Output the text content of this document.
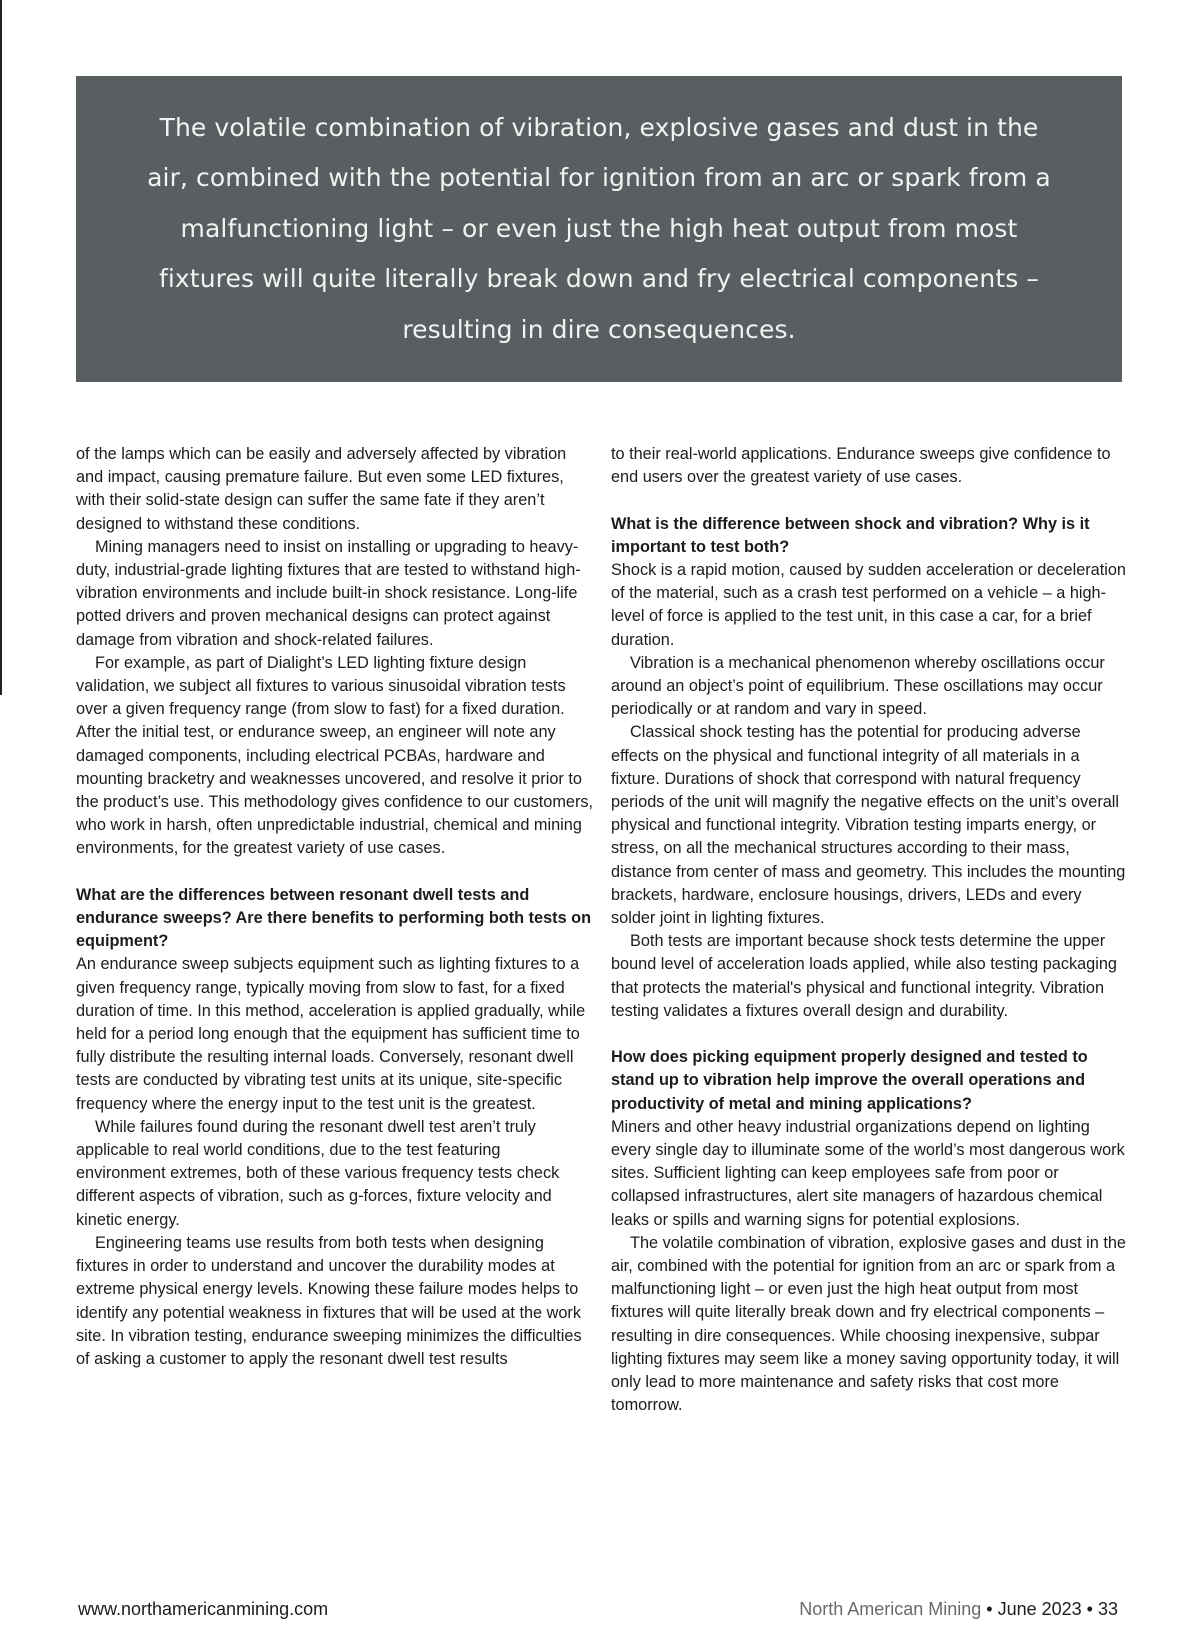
The volatile combination of vibration, explosive gases and dust in the air, combined with the potential for ignition from an arc or spark from a malfunctioning light – or even just the high heat output from most fixtures will quite literally break down and fry electrical components – resulting in dire consequences.

of the lamps which can be easily and adversely affected by vibration and impact, causing premature failure. But even some LED fixtures, with their solid-state design can suffer the same fate if they aren’t designed to withstand these conditions.

Mining managers need to insist on installing or upgrading to heavy-duty, industrial-grade lighting fixtures that are tested to withstand high-vibration environments and include built-in shock resistance. Long-life potted drivers and proven mechanical designs can protect against damage from vibration and shock-related failures.

For example, as part of Dialight’s LED lighting fixture design validation, we subject all fixtures to various sinusoidal vibration tests over a given frequency range (from slow to fast) for a fixed duration. After the initial test, or endurance sweep, an engineer will note any damaged components, including electrical PCBAs, hardware and mounting bracketry and weaknesses uncovered, and resolve it prior to the product’s use. This methodology gives confidence to our customers, who work in harsh, often unpredictable industrial, chemical and mining environments, for the greatest variety of use cases.

What are the differences between resonant dwell tests and endurance sweeps? Are there benefits to performing both tests on equipment?

An endurance sweep subjects equipment such as lighting fixtures to a given frequency range, typically moving from slow to fast, for a fixed duration of time. In this method, acceleration is applied gradually, while held for a period long enough that the equipment has sufficient time to fully distribute the resulting internal loads. Conversely, resonant dwell tests are conducted by vibrating test units at its unique, site-specific frequency where the energy input to the test unit is the greatest.

While failures found during the resonant dwell test aren’t truly applicable to real world conditions, due to the test featuring environment extremes, both of these various frequency tests check different aspects of vibration, such as g-forces, fixture velocity and kinetic energy.

Engineering teams use results from both tests when designing fixtures in order to understand and uncover the durability modes at extreme physical energy levels. Knowing these failure modes helps to identify any potential weakness in fixtures that will be used at the work site. In vibration testing, endurance sweeping minimizes the difficulties of asking a customer to apply the resonant dwell test results

to their real-world applications. Endurance sweeps give confidence to end users over the greatest variety of use cases.

What is the difference between shock and vibration? Why is it important to test both?

Shock is a rapid motion, caused by sudden acceleration or deceleration of the material, such as a crash test performed on a vehicle – a high-level of force is applied to the test unit, in this case a car, for a brief duration.

Vibration is a mechanical phenomenon whereby oscillations occur around an object’s point of equilibrium. These oscillations may occur periodically or at random and vary in speed.

Classical shock testing has the potential for producing adverse effects on the physical and functional integrity of all materials in a fixture. Durations of shock that correspond with natural frequency periods of the unit will magnify the negative effects on the unit’s overall physical and functional integrity. Vibration testing imparts energy, or stress, on all the mechanical structures according to their mass, distance from center of mass and geometry. This includes the mounting brackets, hardware, enclosure housings, drivers, LEDs and every solder joint in lighting fixtures.

Both tests are important because shock tests determine the upper bound level of acceleration loads applied, while also testing packaging that protects the material's physical and functional integrity. Vibration testing validates a fixtures overall design and durability.

How does picking equipment properly designed and tested to stand up to vibration help improve the overall operations and productivity of metal and mining applications?

Miners and other heavy industrial organizations depend on lighting every single day to illuminate some of the world’s most dangerous work sites. Sufficient lighting can keep employees safe from poor or collapsed infrastructures, alert site managers of hazardous chemical leaks or spills and warning signs for potential explosions.

The volatile combination of vibration, explosive gases and dust in the air, combined with the potential for ignition from an arc or spark from a malfunctioning light – or even just the high heat output from most fixtures will quite literally break down and fry electrical components – resulting in dire consequences. While choosing inexpensive, subpar lighting fixtures may seem like a money saving opportunity today, it will only lead to more maintenance and safety risks that cost more tomorrow.

www.northamericanmining.com	North American Mining • June 2023 • 33
